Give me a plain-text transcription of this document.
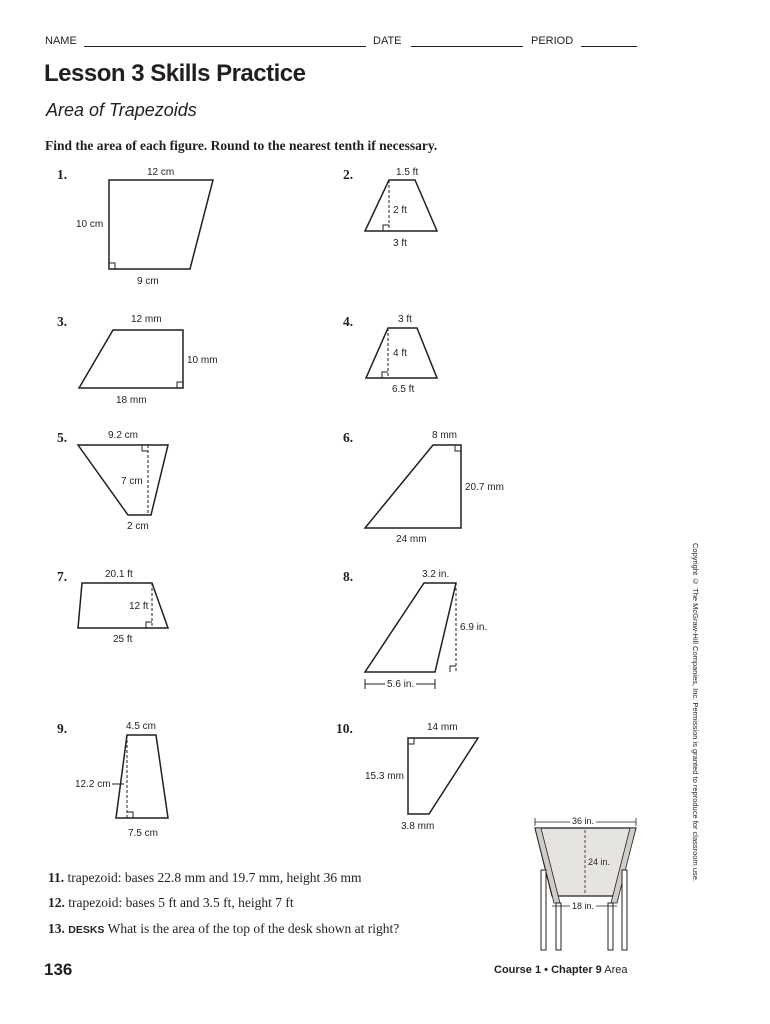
NAME	DATE	PERIOD
Lesson 3 Skills Practice
Area of Trapezoids
Find the area of each figure. Round to the nearest tenth if necessary.
1.	2.
3.	4.
5.	6.
7.	8.
9.	10.
12 cm
10 cm
9 cm
1.5 ft
2 ft
3 ft
12 mm
10 mm
18 mm
3 ft
4 ft
6.5 ft
9.2 cm
7 cm
2 cm
8 mm
20.7 mm
24 mm
20.1 ft
12 ft
25 ft
3.2 in.
6.9 in.
5.6 in.
4.5 cm
12.2 cm
7.5 cm
14 mm
15.3 mm
3.8 mm	36 in.
24 in.
18 in.
11. trapezoid: bases 22.8 mm and 19.7 mm, height 36 mm
12. trapezoid: bases 5 ft and 3.5 ft, height 7 ft
13. DESKS What is the area of the top of the desk shown at right?
Copyright © The McGraw-Hill Companies, Inc. Permission is granted to reproduce for classroom use.
136	Course 1 • Chapter 9 Area
